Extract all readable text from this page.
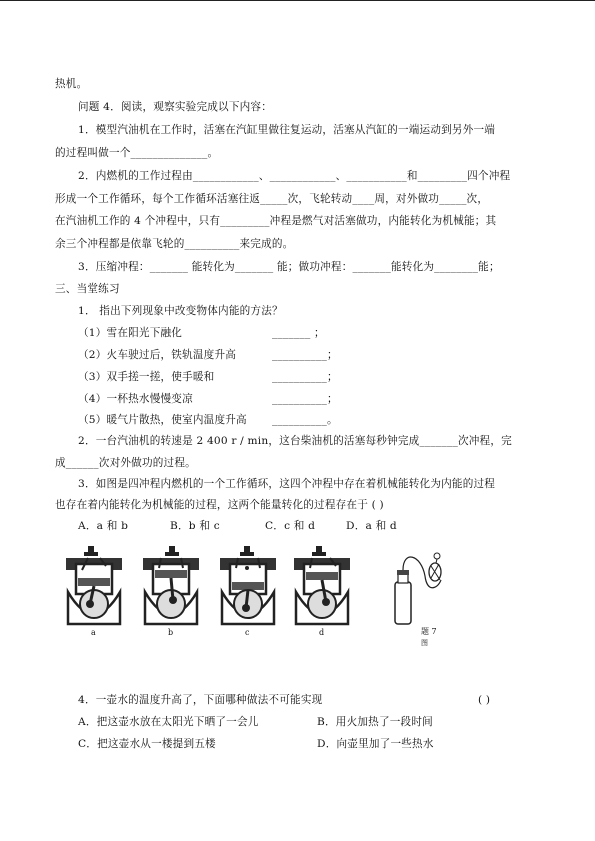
热机。
问题 4．阅读，观察实验完成以下内容：
1．模型汽油机在工作时，活塞在汽缸里做往复运动，活塞从汽缸的一端运动到另外一端
的过程叫做一个______________。
2．内燃机的工作过程由____________、____________、___________和_________四个冲程
形成一个工作循环，每个工作循环活塞往返_____次，飞轮转动____周，对外做功_____次，
在汽油机工作的 4 个冲程中，只有_________冲程是燃气对活塞做功，内能转化为机械能；其
余三个冲程都是依靠飞轮的__________来完成的。
3．压缩冲程：_______ 能转化为_______ 能；做功冲程：_______能转化为________能；
三、当堂练习
1． 指出下列现象中改变物体内能的方法？
（1）雪在阳光下融化	_______ ；
（2）火车驶过后，铁轨温度升高	__________；
（3）双手搓一搓，使手暖和	__________；
（4）一杯热水慢慢变凉	__________；
（5）暖气片散热，使室内温度升高 __________。
2．一台汽油机的转速是 2 400 r / min，这台柴油机的活塞每秒钟完成_______次冲程，完
成______次对外做功的过程。
3．如图是四冲程内燃机的一个工作循环，这四个冲程中存在着机械能转化为内能的过程
也存在着内能转化为机械能的过程，这两个能量转化的过程存在于 ( )
A．a 和 b	B．b 和 c	C．c 和 d	D．a 和 d
a	b	c	d	题 7
图
4．一壶水的温度升高了，下面哪种做法不可能实现	( )
A．把这壶水放在太阳光下晒了一会儿	B．用火加热了一段时间
C．把这壶水从一楼提到五楼	D．向壶里加了一些热水
